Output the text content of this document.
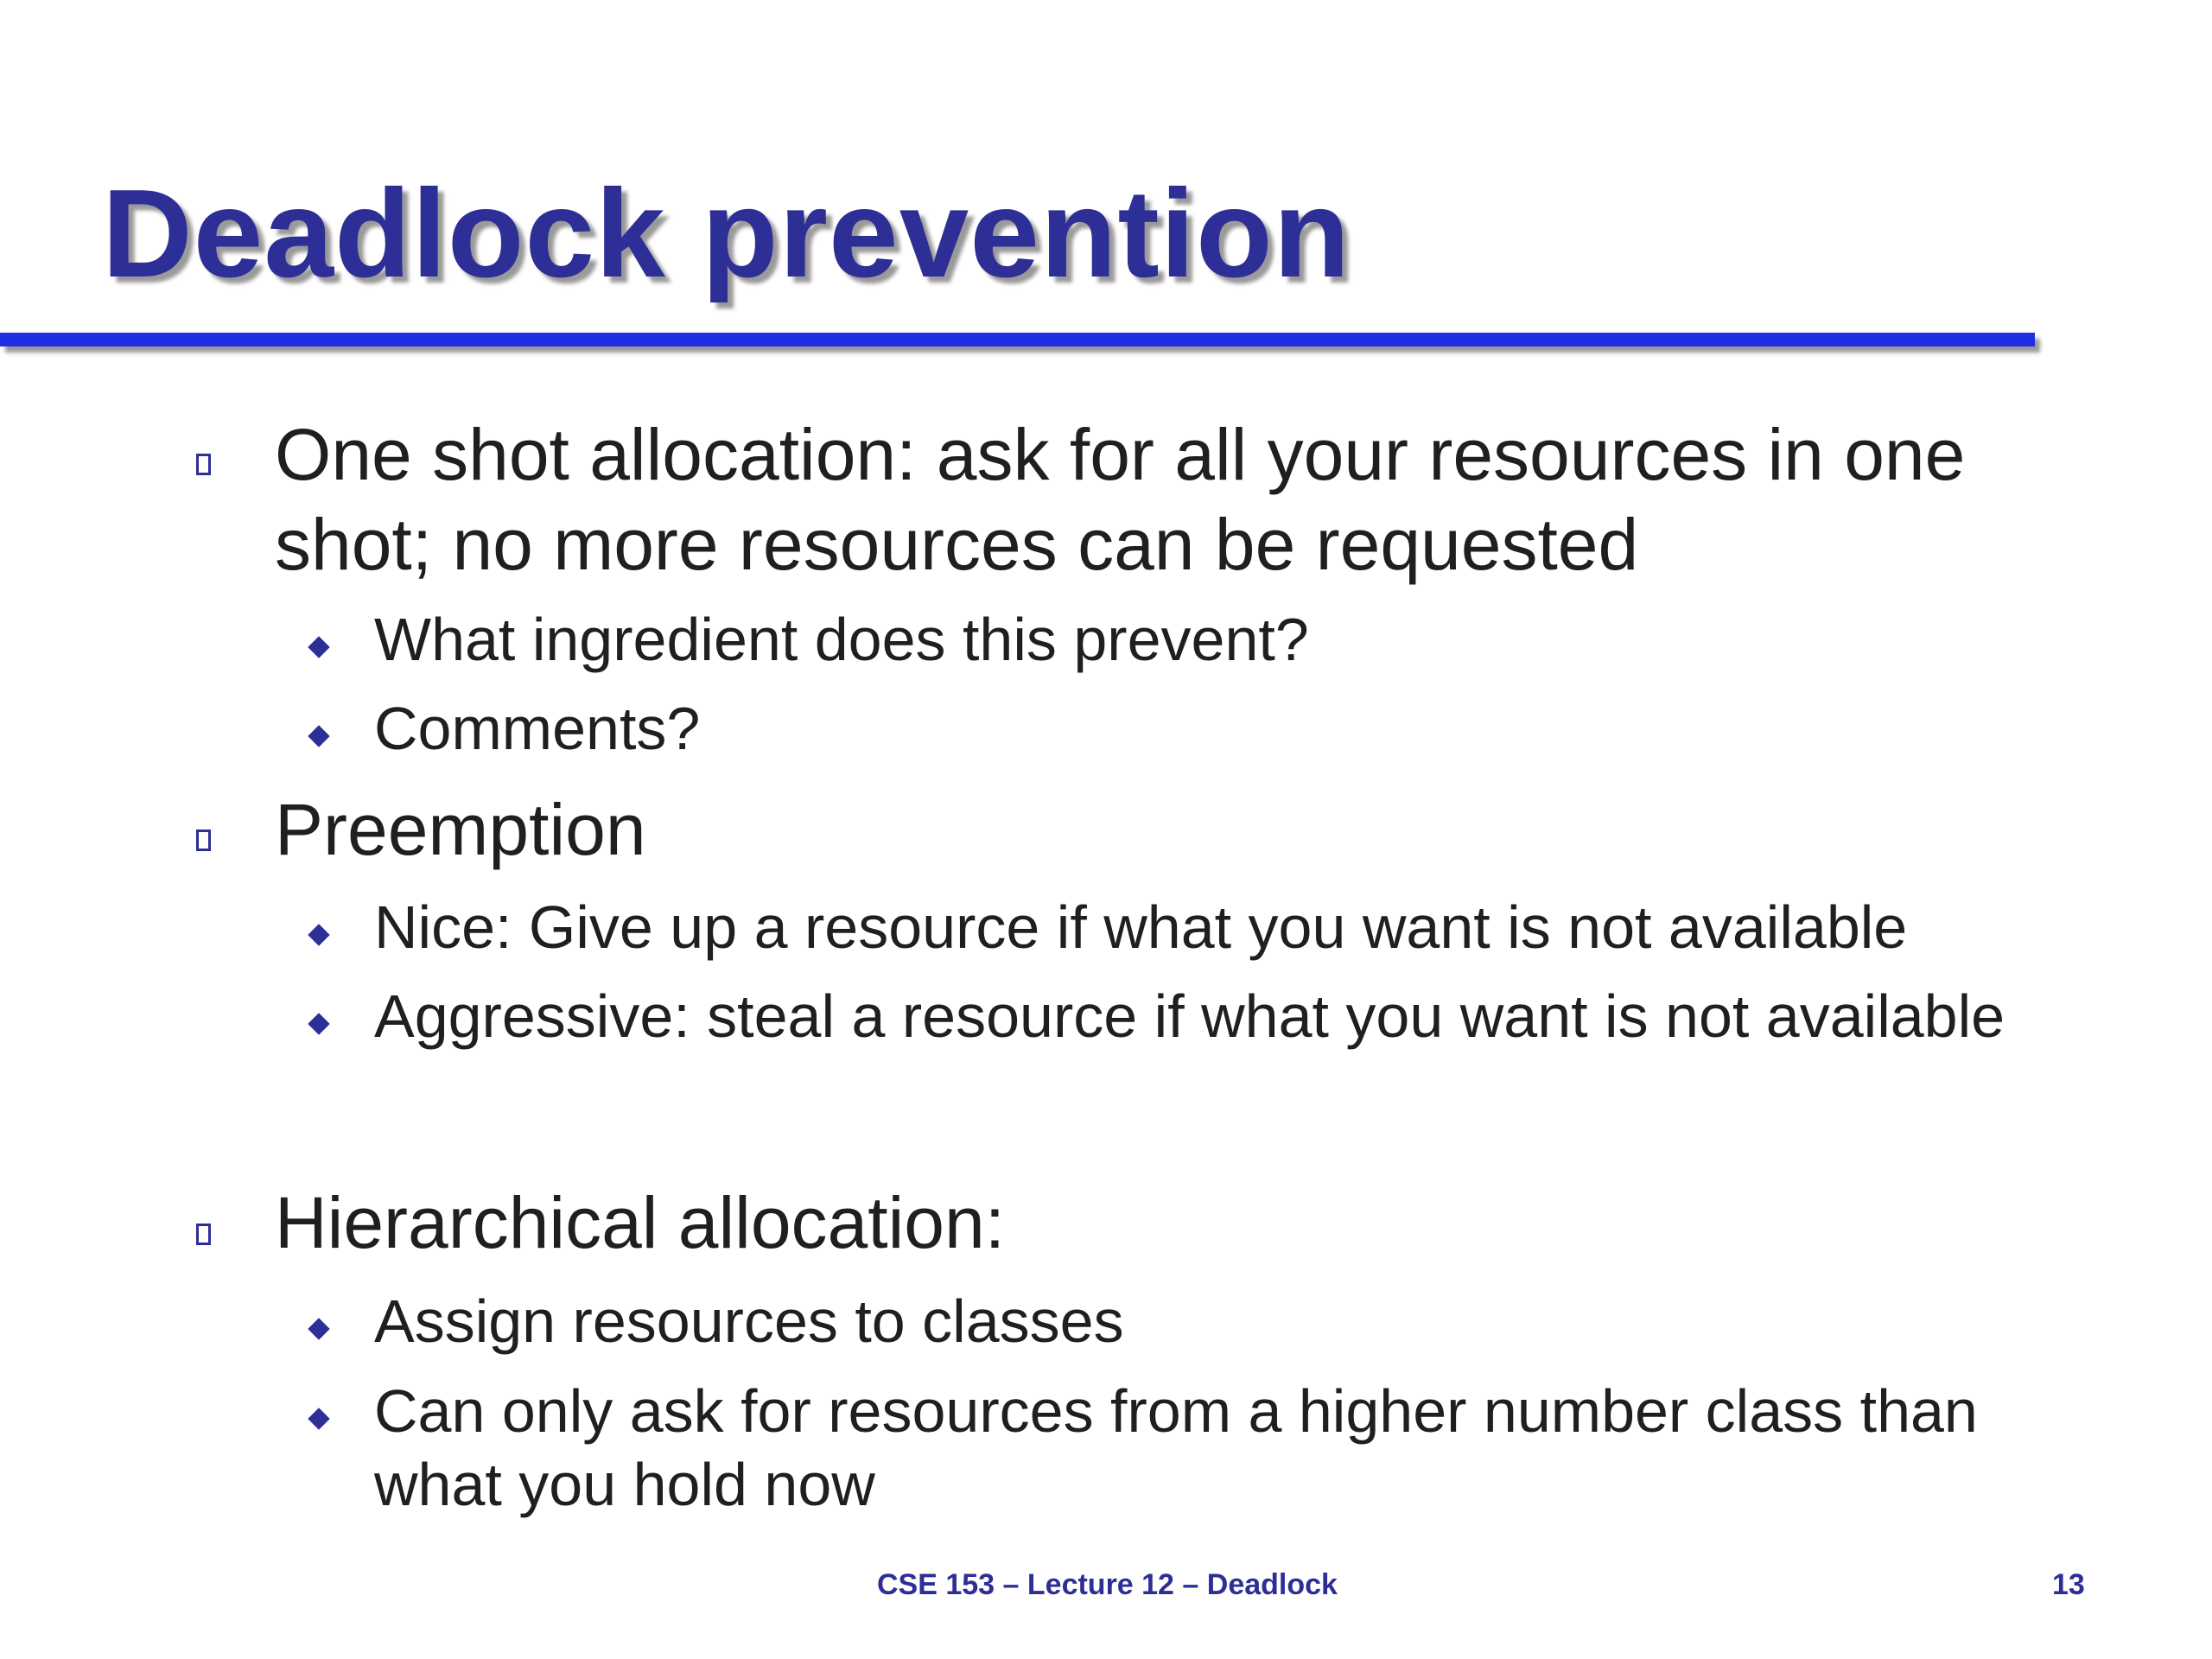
Deadlock prevention
One shot allocation: ask for all your resources in one
shot; no more resources can be requested
What ingredient does this prevent?
Comments?
Preemption
Nice: Give up a resource if what you want is not available
Aggressive: steal a resource if what you want is not available
Hierarchical allocation:
Assign resources to classes
Can only ask for resources from a higher number class than
what you hold now
CSE 153 – Lecture 12 – Deadlock	13
